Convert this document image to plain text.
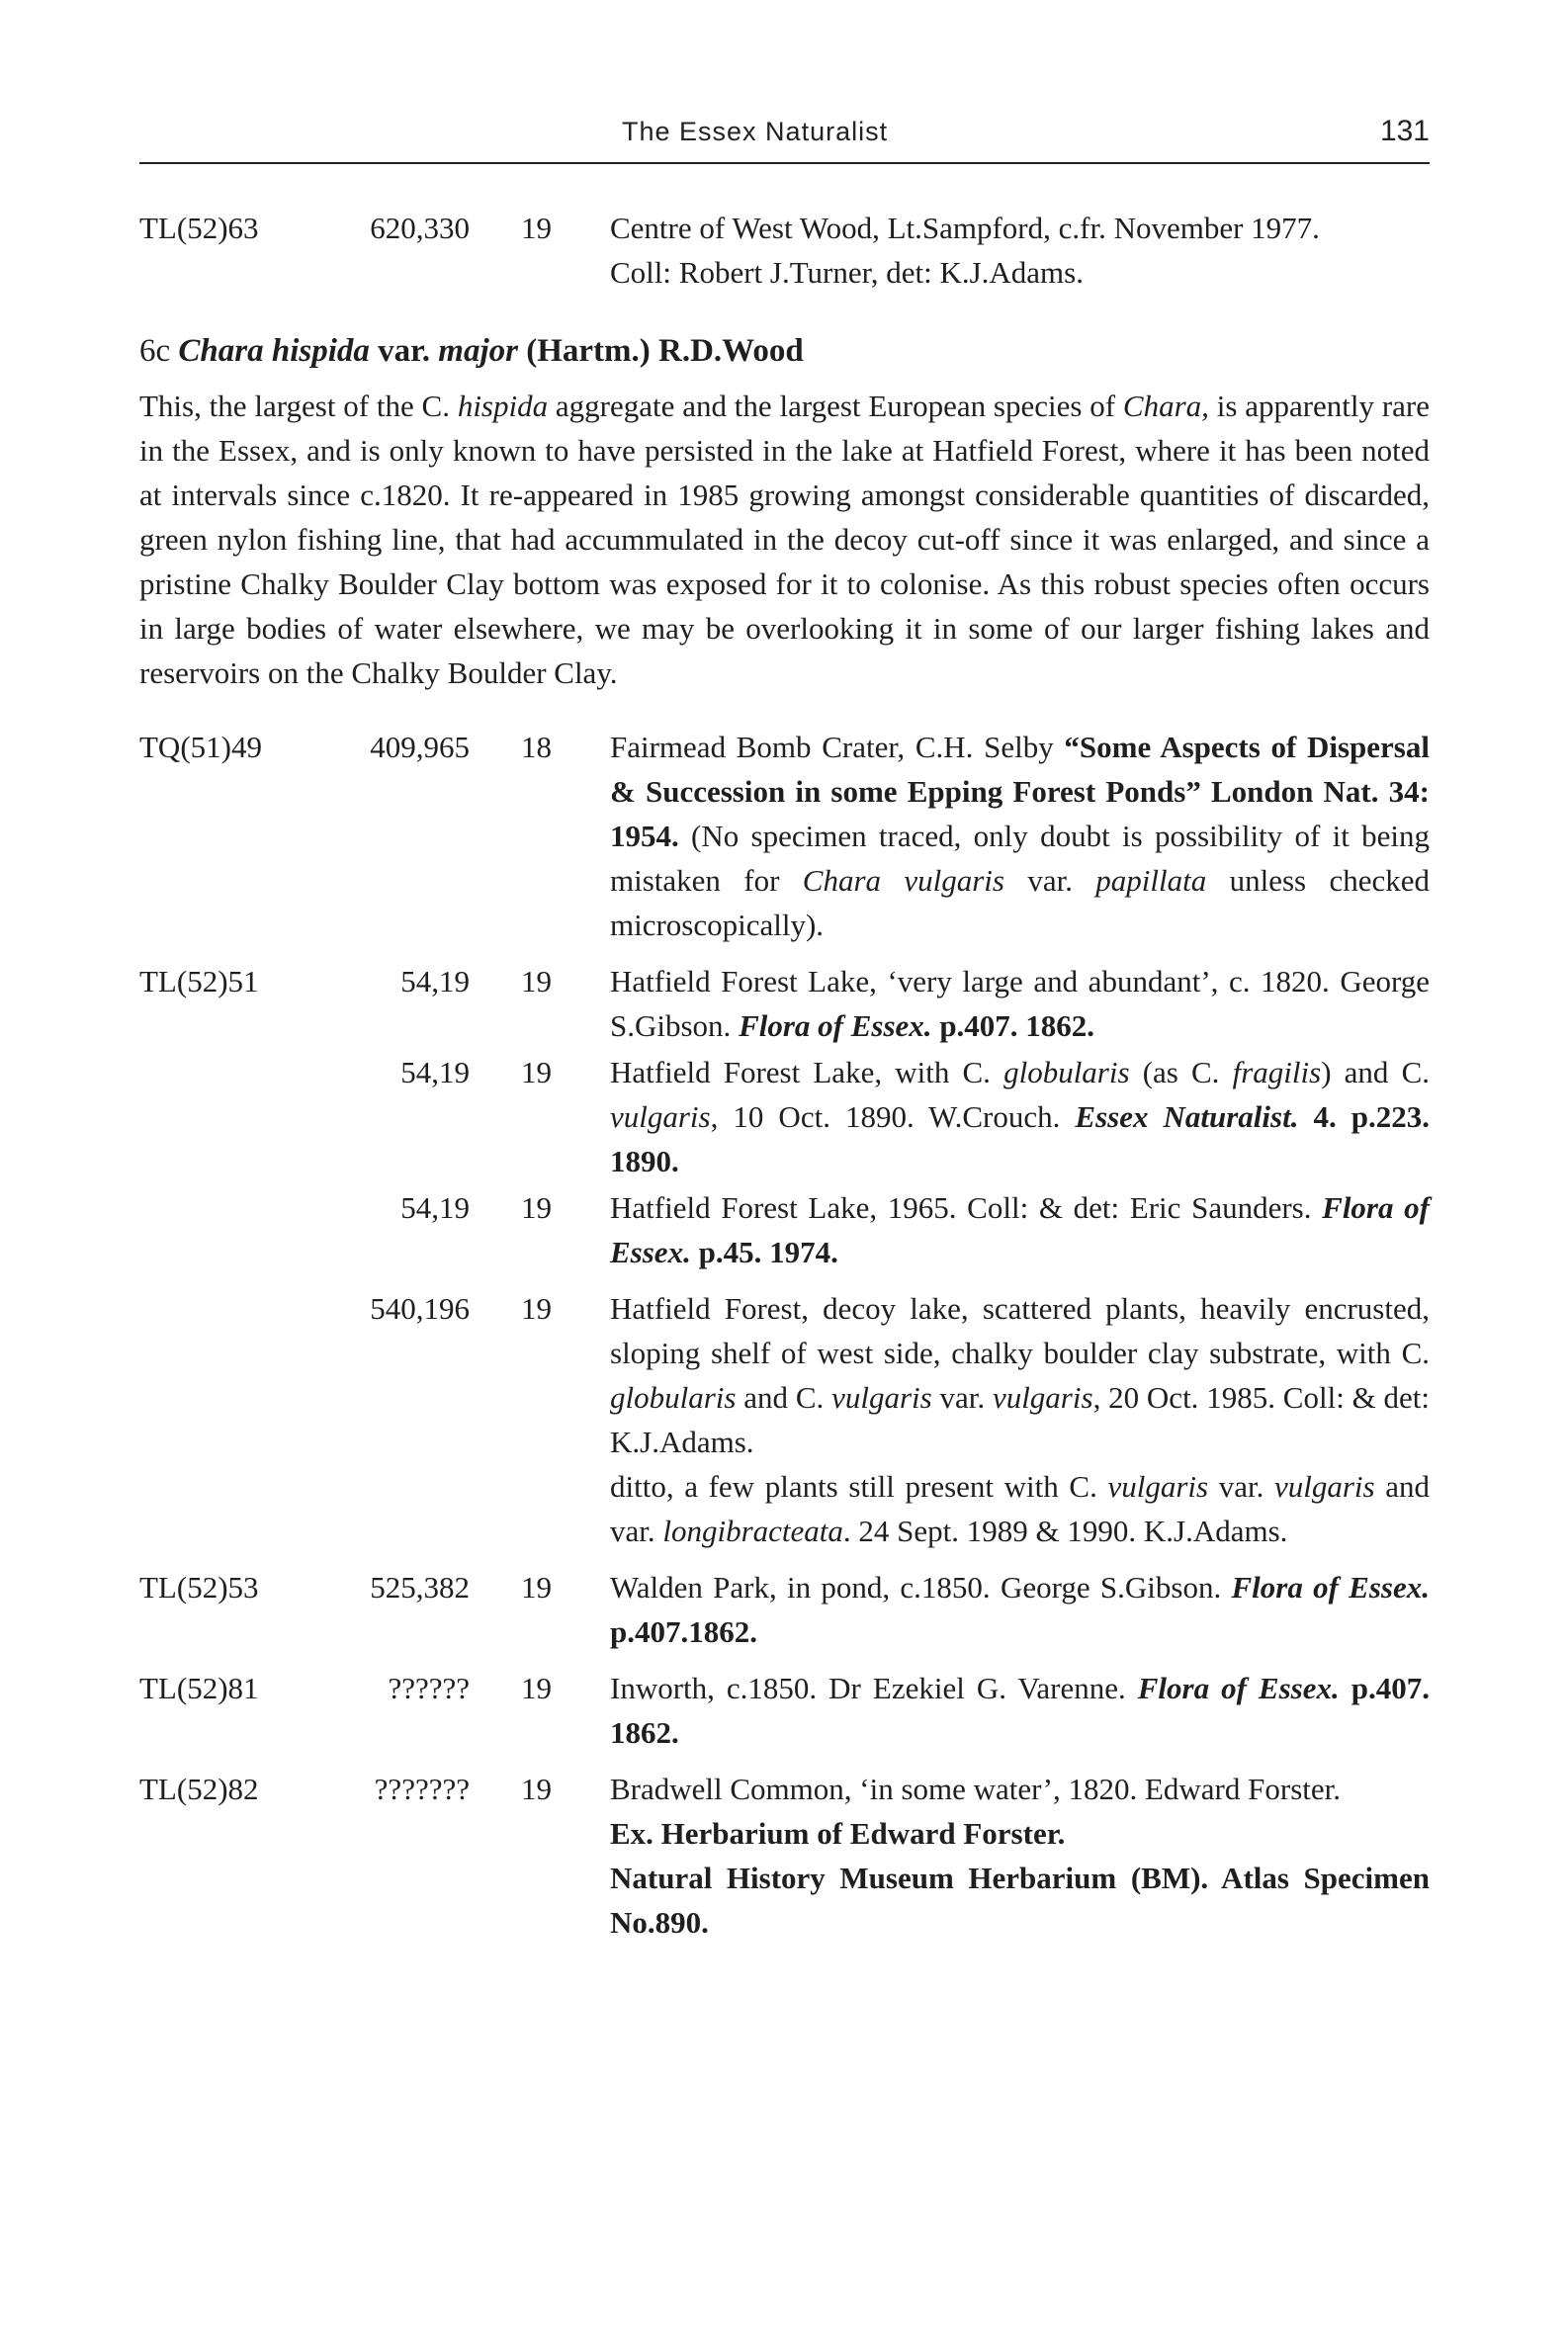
The Essex Naturalist	131
TL(52)63	620,330 19 Centre of West Wood, Lt.Sampford, c.fr. November 1977.
Coll: Robert J.Turner, det: K.J.Adams.
6c Chara hispida var. major (Hartm.) R.D.Wood
This, the largest of the C. hispida aggregate and the largest European species of Chara, is apparently rare in the Essex, and is only known to have persisted in the lake at Hatfield Forest, where it has been noted at intervals since c.1820. It re-appeared in 1985 growing amongst considerable quantities of discarded, green nylon fishing line, that had accummulated in the decoy cut-off since it was enlarged, and since a pristine Chalky Boulder Clay bottom was exposed for it to colonise. As this robust species often occurs in large bodies of water elsewhere, we may be overlooking it in some of our larger fishing lakes and reservoirs on the Chalky Boulder Clay.
TQ(51)49	409,965 18 Fairmead Bomb Crater, C.H. Selby “Some Aspects of Dispersal & Succession in some Epping Forest Ponds” London Nat. 34: 1954. (No specimen traced, only doubt is possibility of it being mistaken for Chara vulgaris var. papillata unless checked microscopically).
TL(52)51	54,19 19 Hatfield Forest Lake, ‘very large and abundant’, c. 1820. George S.Gibson. Flora of Essex. p.407. 1862.
54,19 19 Hatfield Forest Lake, with C. globularis (as C. fragilis) and C. vulgaris, 10 Oct. 1890. W.Crouch. Essex Naturalist. 4. p.223. 1890.
54,19 19 Hatfield Forest Lake, 1965. Coll: & det: Eric Saunders. Flora of Essex. p.45. 1974.
540,196 19 Hatfield Forest, decoy lake, scattered plants, heavily encrusted, sloping shelf of west side, chalky boulder clay substrate, with C. globularis and C. vulgaris var. vulgaris, 20 Oct. 1985. Coll: & det: K.J.Adams.
ditto, a few plants still present with C. vulgaris var. vulgaris and var. longibracteata. 24 Sept. 1989 & 1990. K.J.Adams.
TL(52)53	525,382 19 Walden Park, in pond, c.1850. George S.Gibson. Flora of Essex. p.407.1862.
TL(52)81	?????? 19 Inworth, c.1850. Dr Ezekiel G. Varenne. Flora of Essex. p.407. 1862.
TL(52)82	??????? 19 Bradwell Common, ‘in some water’, 1820. Edward Forster.
Ex. Herbarium of Edward Forster.
Natural History Museum Herbarium (BM). Atlas Specimen No.890.
